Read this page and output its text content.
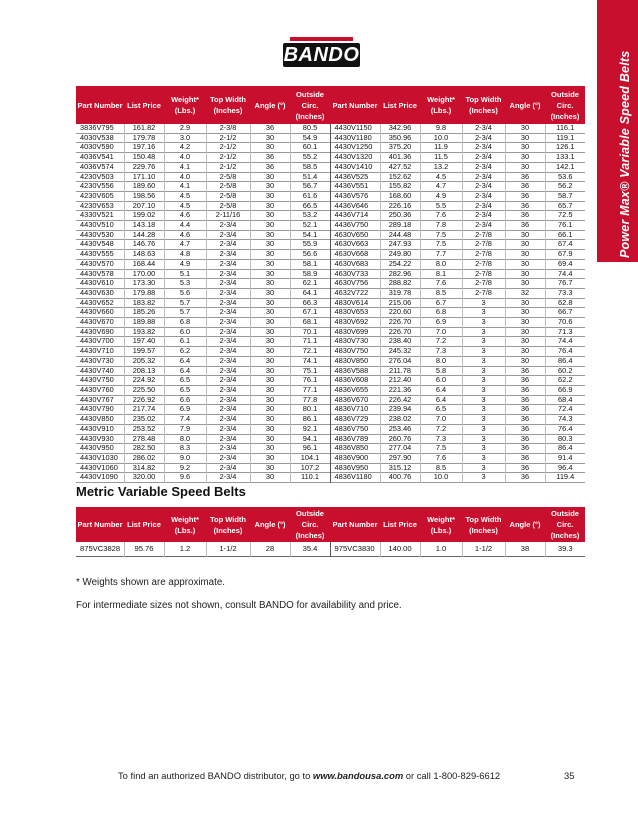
BANDO	Power Max® Variable Speed Belts
Part Number	List Price	Weight* (Lbs.)	Top Width (Inches)	Angle (°)	Outside Circ. (Inches)	Part Number	List Price	Weight* (Lbs.)	Top Width (Inches)	Angle (°)	Outside Circ. (Inches)
3836V795	161.82	2.9	2-3/8	36	80.5	4430V1150	342.96	9.8	2-3/4	30	116.1
4030V538	179.78	3.0	2-1/2	30	54.9	4430V1180	350.96	10.0	2-3/4	30	119.1
4030V590	197.16	4.2	2-1/2	30	60.1	4430V1250	375.20	11.9	2-3/4	30	126.1
4036V541	150.48	4.0	2-1/2	36	55.2	4430V1320	401.36	11.5	2-3/4	30	133.1
4036V574	229.76	4.1	2-1/2	36	58.5	4430V1410	427.52	13.2	2-3/4	30	142.1
4230V503	171.10	4.0	2-5/8	30	51.4	4436V525	152.62	4.5	2-3/4	36	53.6
4230V556	189.60	4.1	2-5/8	30	56.7	4436V551	155.82	4.7	2-3/4	36	56.2
4230V605	198.56	4.5	2-5/8	30	61.6	4436V576	168.60	4.9	2-3/4	36	58.7
4230V653	207.10	4.5	2-5/8	30	66.5	4436V646	226.16	5.5	2-3/4	36	65.7
4330V521	199.02	4.6	2-11/16	30	53.2	4436V714	250.36	7.6	2-3/4	36	72.5
4430V510	143.18	4.4	2-3/4	30	52.1	4436V750	289.18	7.8	2-3/4	36	76.1
4430V530	144.28	4.6	2-3/4	30	54.1	4630V650	244.48	7.5	2-7/8	30	66.1
4430V548	146.76	4.7	2-3/4	30	55.9	4630V663	247.93	7.5	2-7/8	30	67.4
4430V555	148.63	4.8	2-3/4	30	56.6	4630V668	249.80	7.7	2-7/8	30	67.9
4430V570	168.44	4.9	2-3/4	30	58.1	4630V683	254.22	8.0	2-7/8	30	69.4
4430V578	170.00	5.1	2-3/4	30	58.9	4630V733	282.96	8.1	2-7/8	30	74.4
4430V610	173.30	5.3	2-3/4	30	62.1	4630V756	288.82	7.6	2-7/8	30	76.7
4430V630	179.88	5.6	2-3/4	30	64.1	4632V722	319.78	8.5	2-7/8	32	73.3
4430V652	183.82	5.7	2-3/4	30	66.3	4830V614	215.06	6.7	3	30	62.8
4430V660	185.26	5.7	2-3/4	30	67.1	4830V653	220.60	6.8	3	30	66.7
4430V670	189.88	6.8	2-3/4	30	68.1	4830V692	226.70	6.9	3	30	70.6
4430V690	193.82	6.0	2-3/4	30	70.1	4830V699	226.70	7.0	3	30	71.3
4430V700	197.40	6.1	2-3/4	30	71.1	4830V730	238.40	7.2	3	30	74.4
4430V710	199.57	6.2	2-3/4	30	72.1	4830V750	245.32	7.3	3	30	76.4
4430V730	205.32	6.4	2-3/4	30	74.1	4830V850	276.04	8.0	3	30	86.4
4430V740	208.13	6.4	2-3/4	30	75.1	4836V588	211.78	5.8	3	36	60.2
4430V750	224.92	6.5	2-3/4	30	76.1	4836V608	212.40	6.0	3	36	62.2
4430V760	225.50	6.5	2-3/4	30	77.1	4836V655	221.36	6.4	3	36	66.9
4430V767	226.92	6.6	2-3/4	30	77.8	4836V670	226.42	6.4	3	36	68.4
4430V790	217.74	6.9	2-3/4	30	80.1	4836V710	239.94	6.5	3	36	72.4
4430V850	235.02	7.4	2-3/4	30	86.1	4836V729	238.02	7.0	3	36	74.3
4430V910	253.52	7.9	2-3/4	30	92.1	4836V750	253.46	7.2	3	36	76.4
4430V930	278.48	8.0	2-3/4	30	94.1	4836V789	260.76	7.3	3	36	80.3
4430V950	282.50	8.3	2-3/4	30	96.1	4836V850	277.04	7.5	3	36	86.4
4430V1030	286.02	9.0	2-3/4	30	104.1	4836V900	297.90	7.6	3	36	91.4
4430V1060	314.82	9.2	2-3/4	30	107.2	4836V950	315.12	8.5	3	36	96.4
4430V1090	320.00	9.6	2-3/4	30	110.1	4836V1180	400.76	10.0	3	36	119.4
Metric Variable Speed Belts
Part Number	List Price	Weight* (Lbs.)	Top Width (Inches)	Angle (°)	Outside Circ. (Inches)	Part Number	List Price	Weight* (Lbs.)	Top Width (Inches)	Angle (°)	Outside Circ. (Inches)
875VC3828	95.76	1.2	1-1/2	28	35.4	975VC3830	140.00	1.0	1-1/2	38	39.3
* Weights shown are approximate.
For intermediate sizes not shown, consult BANDO for availability and price.
To find an authorized BANDO distributor, go to www.bandousa.com or call 1-800-829-6612	35
